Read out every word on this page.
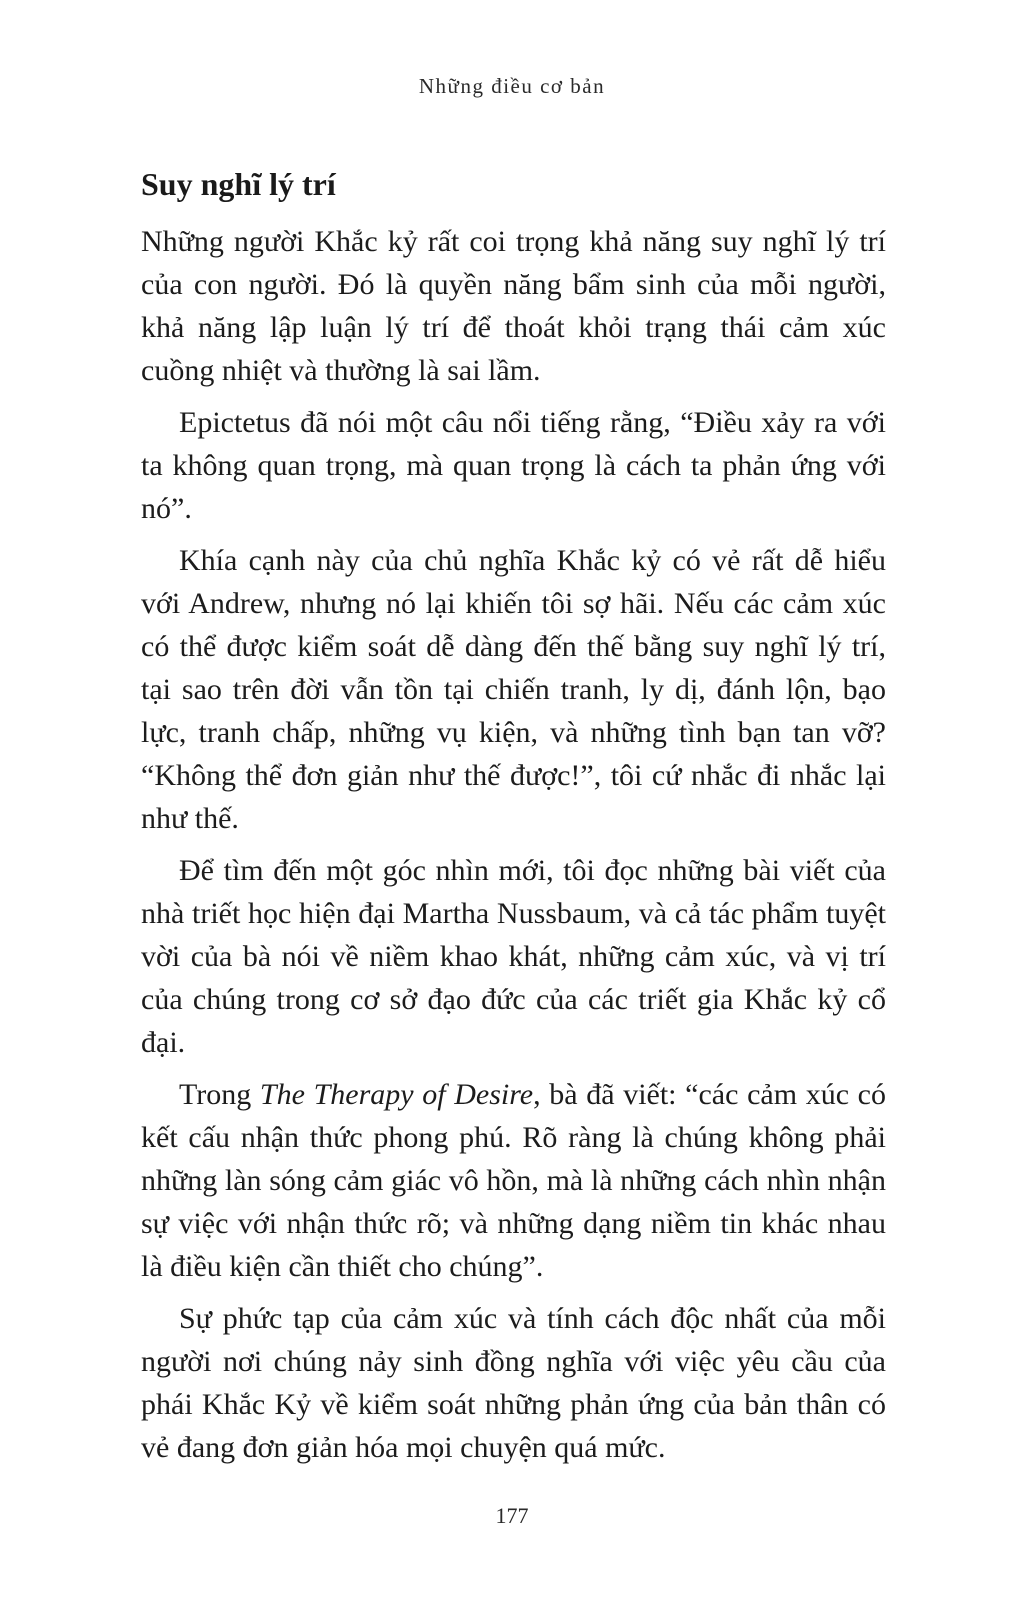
Những điều cơ bản
Suy nghĩ lý trí

Những người Khắc kỷ rất coi trọng khả năng suy nghĩ lý trí của con người. Đó là quyền năng bẩm sinh của mỗi người, khả năng lập luận lý trí để thoát khỏi trạng thái cảm xúc cuồng nhiệt và thường là sai lầm.

Epictetus đã nói một câu nổi tiếng rằng, “Điều xảy ra với ta không quan trọng, mà quan trọng là cách ta phản ứng với nó”.

Khía cạnh này của chủ nghĩa Khắc kỷ có vẻ rất dễ hiểu với Andrew, nhưng nó lại khiến tôi sợ hãi. Nếu các cảm xúc có thể được kiểm soát dễ dàng đến thế bằng suy nghĩ lý trí, tại sao trên đời vẫn tồn tại chiến tranh, ly dị, đánh lộn, bạo lực, tranh chấp, những vụ kiện, và những tình bạn tan vỡ? “Không thể đơn giản như thế được!”, tôi cứ nhắc đi nhắc lại như thế.

Để tìm đến một góc nhìn mới, tôi đọc những bài viết của nhà triết học hiện đại Martha Nussbaum, và cả tác phẩm tuyệt vời của bà nói về niềm khao khát, những cảm xúc, và vị trí của chúng trong cơ sở đạo đức của các triết gia Khắc kỷ cổ đại.

Trong The Therapy of Desire, bà đã viết: “các cảm xúc có kết cấu nhận thức phong phú. Rõ ràng là chúng không phải những làn sóng cảm giác vô hồn, mà là những cách nhìn nhận sự việc với nhận thức rõ; và những dạng niềm tin khác nhau là điều kiện cần thiết cho chúng”.

Sự phức tạp của cảm xúc và tính cách độc nhất của mỗi người nơi chúng nảy sinh đồng nghĩa với việc yêu cầu của phái Khắc Kỷ về kiểm soát những phản ứng của bản thân có vẻ đang đơn giản hóa mọi chuyện quá mức.

177
